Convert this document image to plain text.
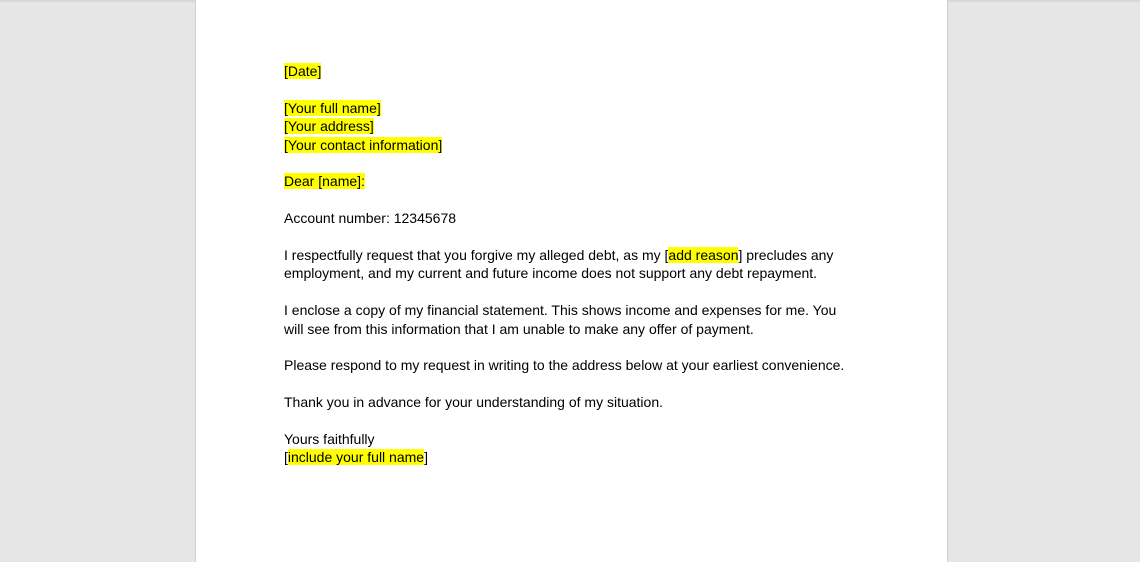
[Date]

[Your full name]
[Your address]
[Your contact information]

Dear [name]:

Account number: 12345678

I respectfully request that you forgive my alleged debt, as my [add reason] precludes any employment, and my current and future income does not support any debt repayment.

I enclose a copy of my financial statement. This shows income and expenses for me. You will see from this information that I am unable to make any offer of payment.

Please respond to my request in writing to the address below at your earliest convenience.

Thank you in advance for your understanding of my situation.

Yours faithfully
[include your full name]
